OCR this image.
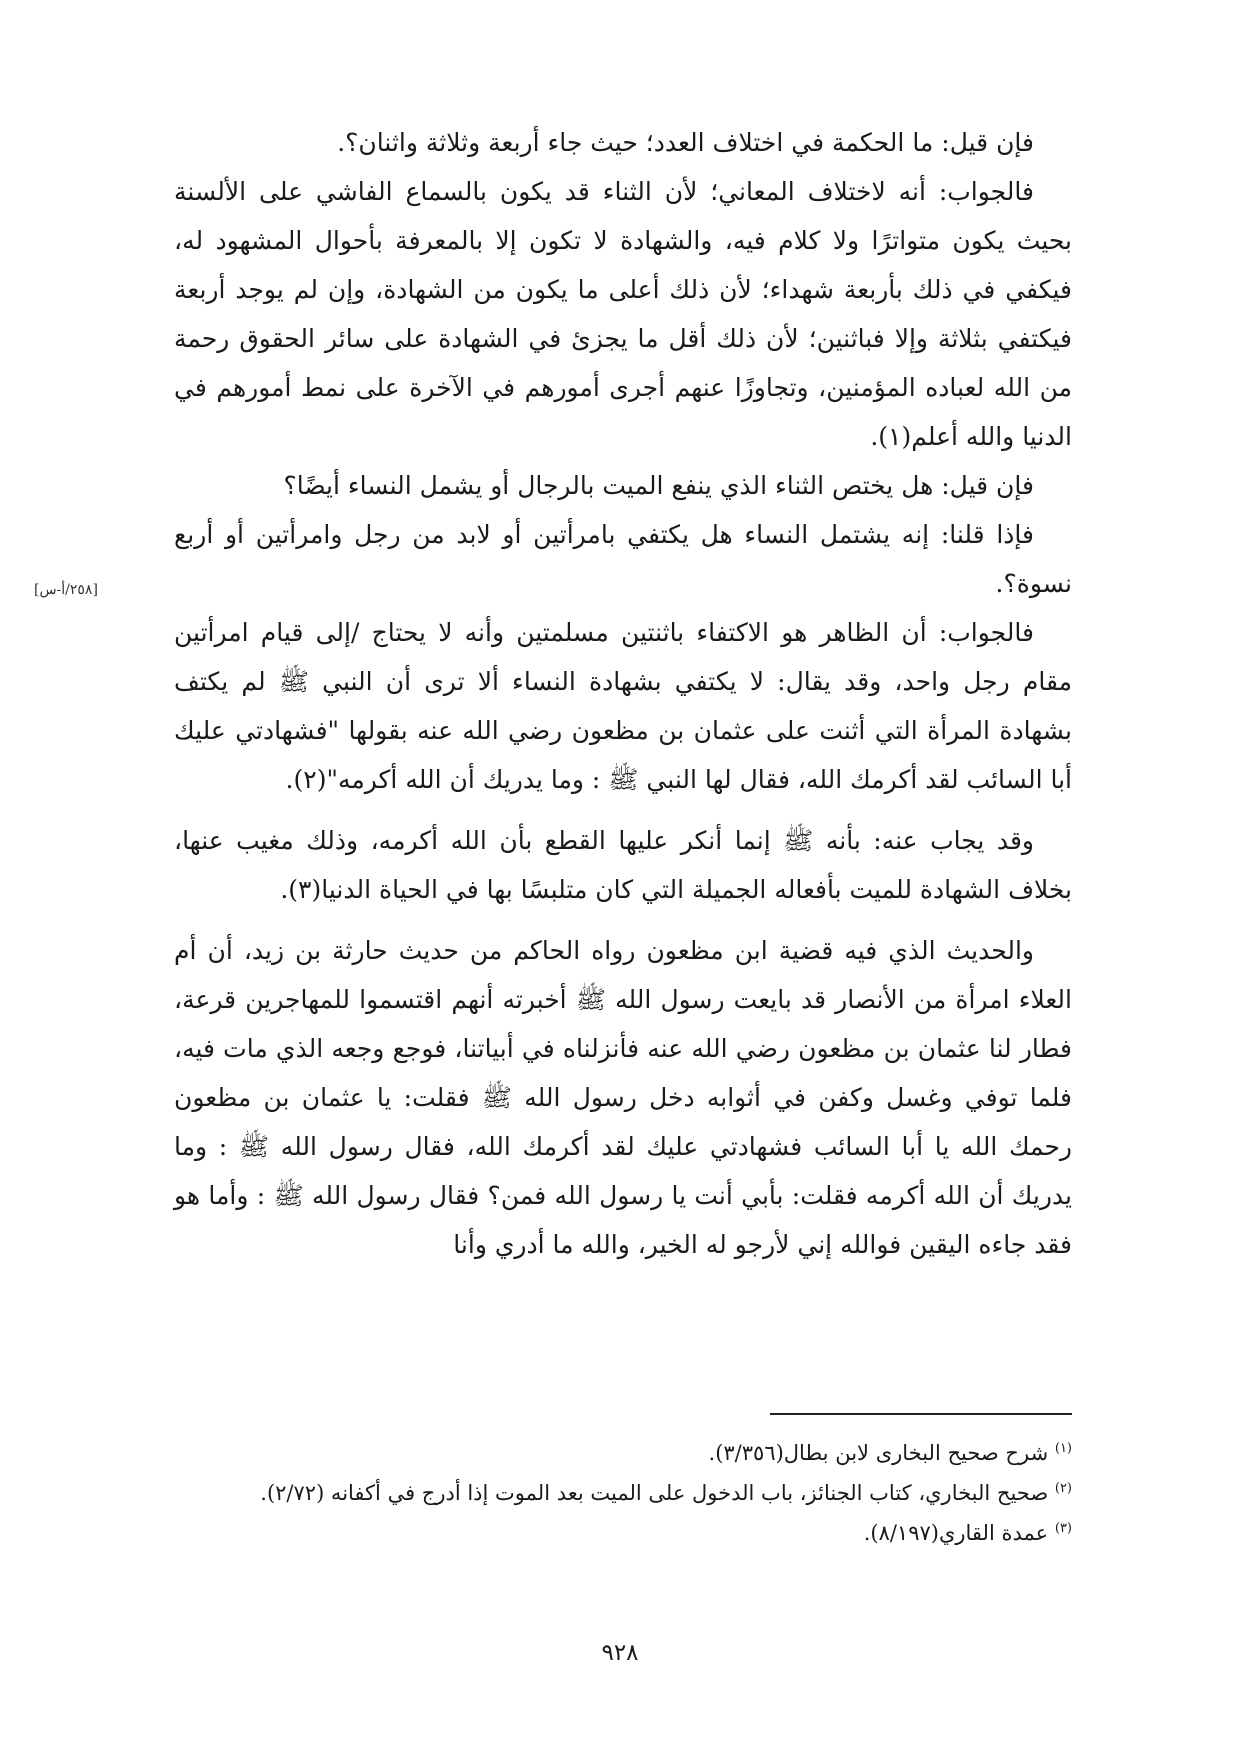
فإن قيل: ما الحكمة في اختلاف العدد؛ حيث جاء أربعة وثلاثة واثنان؟.

فالجواب: أنه لاختلاف المعاني؛ لأن الثناء قد يكون بالسماع الفاشي على الألسنة بحيث يكون متواترًا ولا كلام فيه، والشهادة لا تكون إلا بالمعرفة بأحوال المشهود له، فيكفي في ذلك بأربعة شهداء؛ لأن ذلك أعلى ما يكون من الشهادة، وإن لم يوجد أربعة فيكتفي بثلاثة وإلا فباثنين؛ لأن ذلك أقل ما يجزئ في الشهادة على سائر الحقوق رحمة من الله لعباده المؤمنين، وتجاوزًا عنهم أجرى أمورهم في الآخرة على نمط أمورهم في الدنيا والله أعلم(١).

فإن قيل: هل يختص الثناء الذي ينفع الميت بالرجال أو يشمل النساء أيضًا؟

فإذا قلنا: إنه يشتمل النساء هل يكتفي بامرأتين أو لابد من رجل وامرأتين أو أربع نسوة؟.

فالجواب: أن الظاهر هو الاكتفاء باثنتين مسلمتين وأنه لا يحتاج /إلى قيام امرأتين مقام رجل واحد، وقد يقال: لا يكتفي بشهادة النساء ألا ترى أن النبي ﷺ لم يكتف بشهادة المرأة التي أثنت على عثمان بن مظعون رضي الله عنه بقولها "فشهادتي عليك أبا السائب لقد أكرمك الله، فقال لها النبي ﷺ : وما يدريك أن الله أكرمه"(٢).

وقد يجاب عنه: بأنه ﷺ إنما أنكر عليها القطع بأن الله أكرمه، وذلك مغيب عنها، بخلاف الشهادة للميت بأفعاله الجميلة التي كان متلبسًا بها في الحياة الدنيا(٣).

والحديث الذي فيه قضية ابن مظعون رواه الحاكم من حديث حارثة بن زيد، أن أم العلاء امرأة من الأنصار قد بايعت رسول الله ﷺ أخبرته أنهم اقتسموا للمهاجرين قرعة، فطار لنا عثمان بن مظعون رضي الله عنه فأنزلناه في أبياتنا، فوجع وجعه الذي مات فيه، فلما توفي وغسل وكفن في أثوابه دخل رسول الله ﷺ فقلت: يا عثمان بن مظعون رحمك الله يا أبا السائب فشهادتي عليك لقد أكرمك الله، فقال رسول الله ﷺ : وما يدريك أن الله أكرمه فقلت: بأبي أنت يا رسول الله فمن؟ فقال رسول الله ﷺ : وأما هو فقد جاءه اليقين فوالله إني لأرجو له الخير، والله ما أدري وأنا

[٢٥٨/أ-س]

$^{(١)}$ شرح صحيح البخارى لابن بطال(٣/٣٥٦).

$^{(٢)}$ صحيح البخاري، كتاب الجنائز، باب الدخول على الميت بعد الموت إذا أدرج في أكفانه (٢/٧٢).

$^{(٣)}$ عمدة القاري(٨/١٩٧).

٩٢٨
